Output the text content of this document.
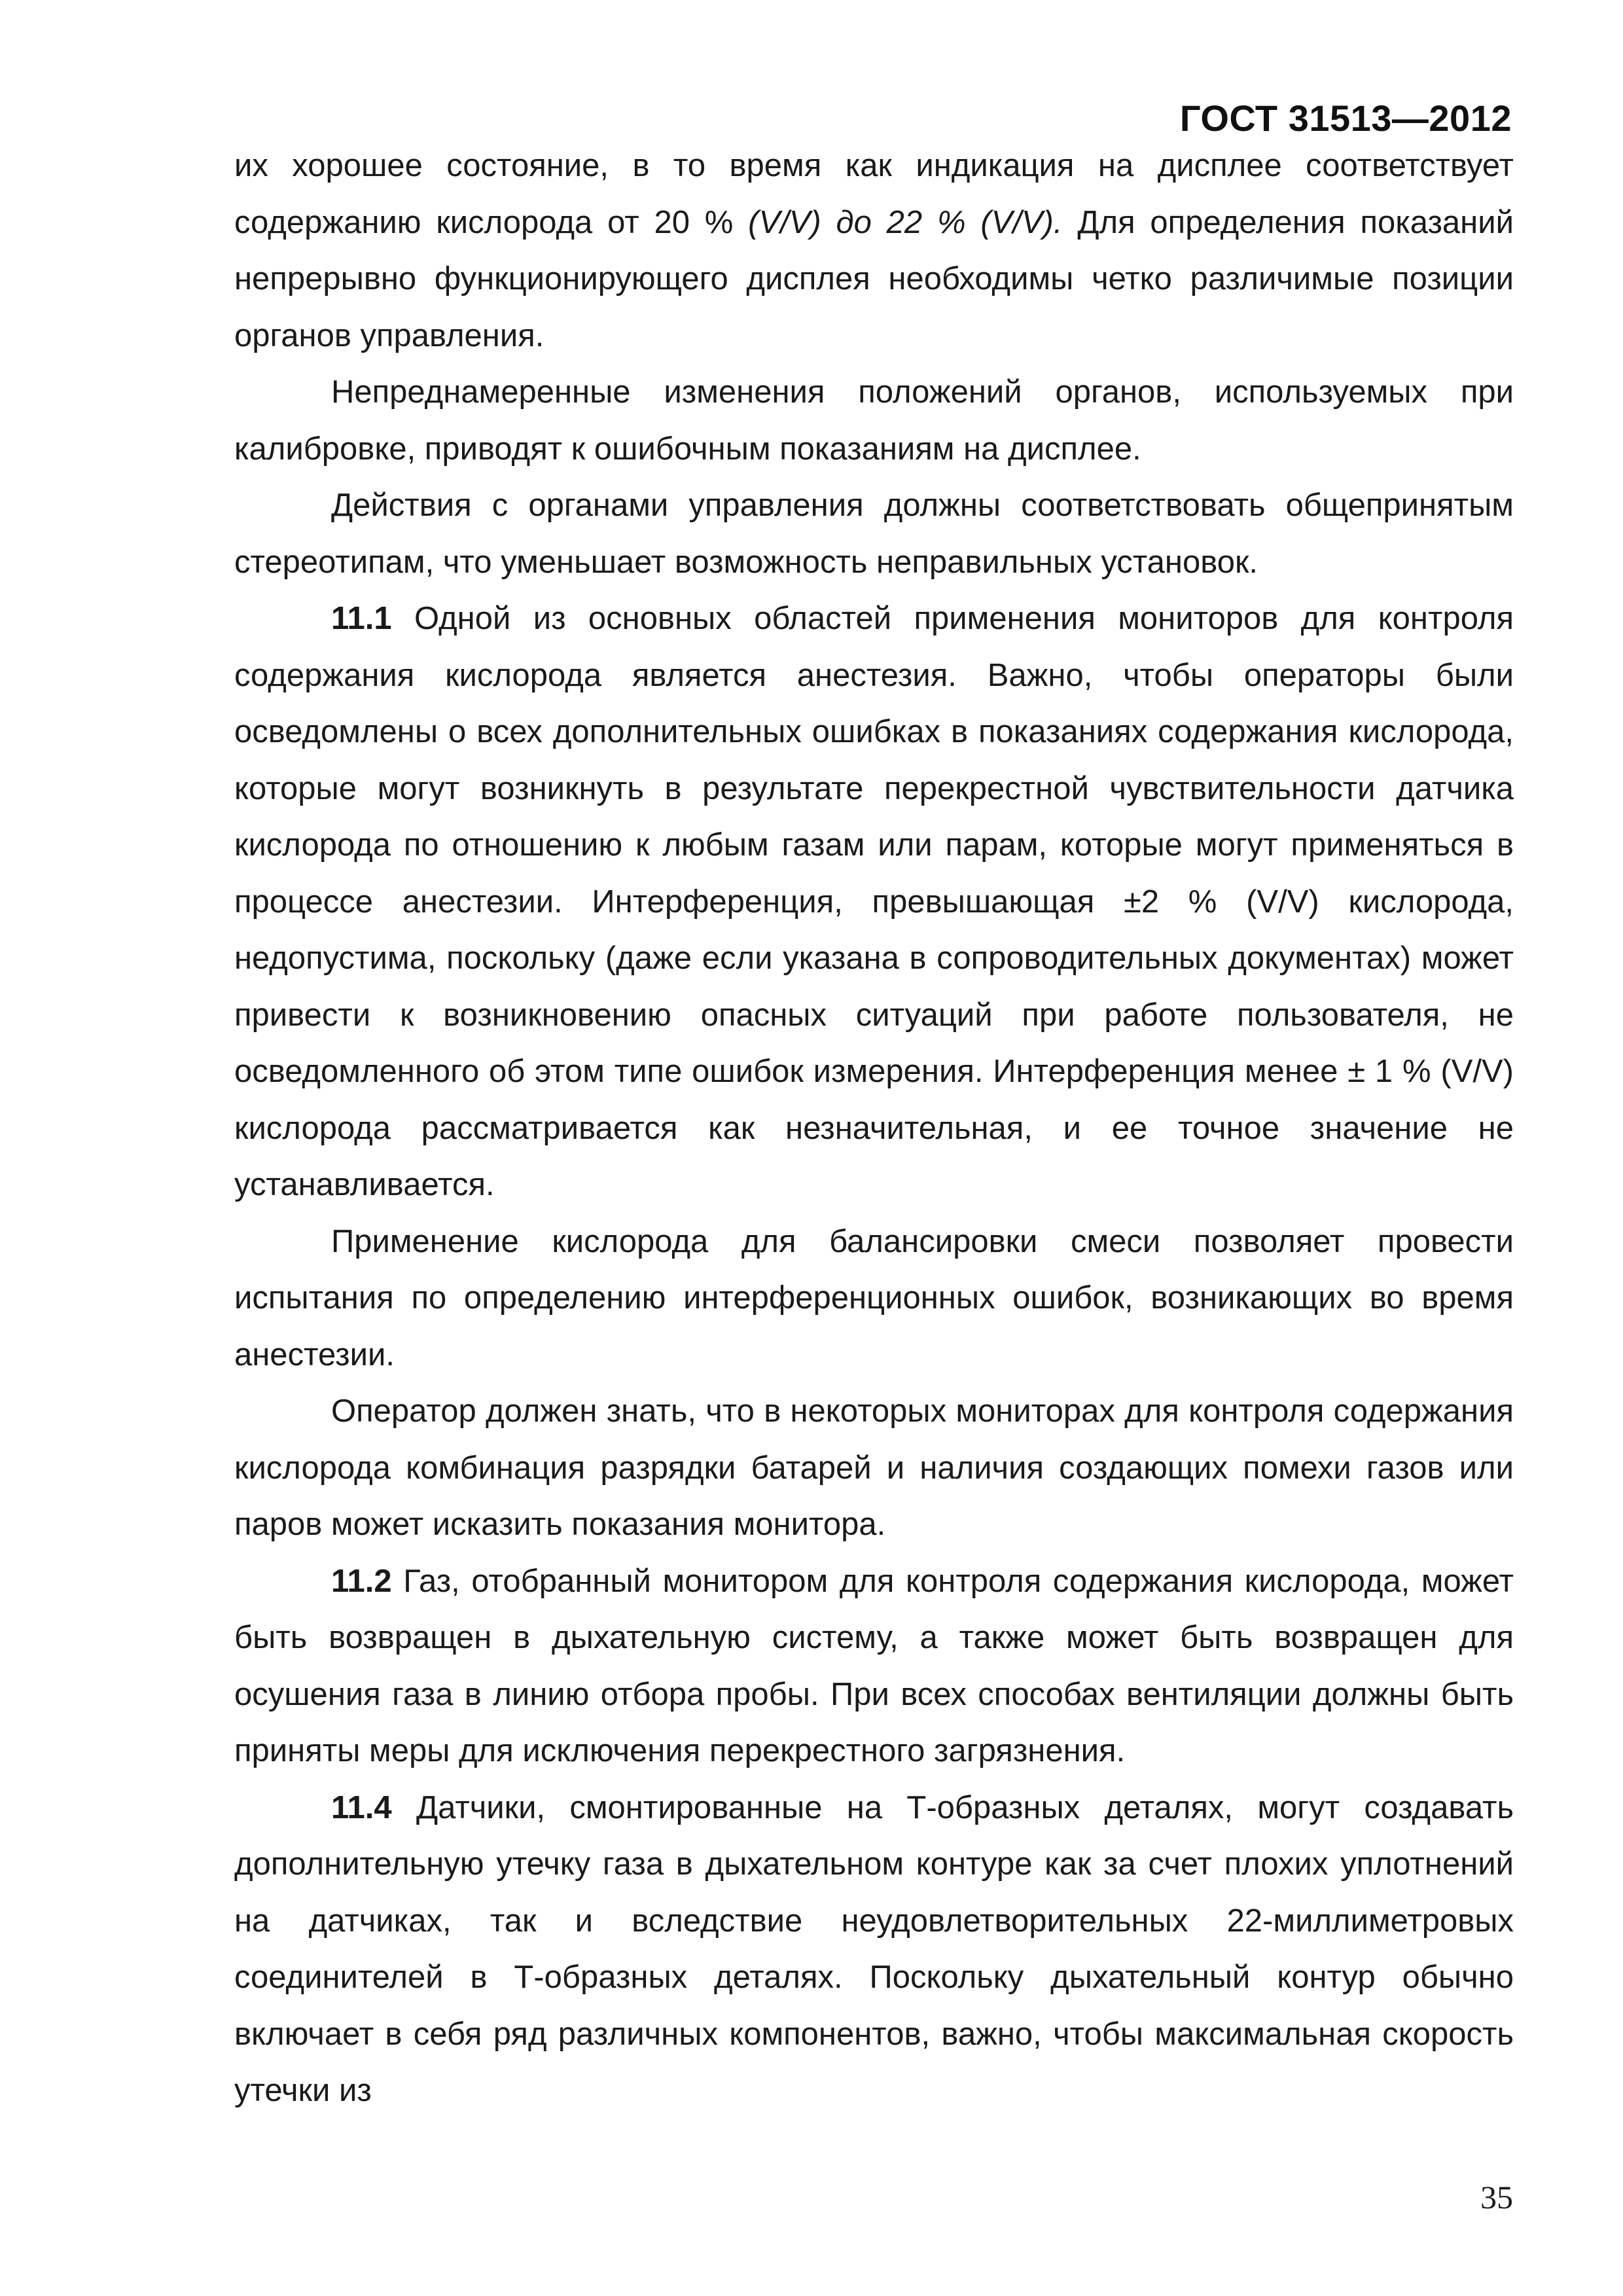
ГОСТ 31513—2012

их хорошее состояние, в то время как индикация на дисплее соответствует содержанию кислорода от 20 % (V/V) до 22 % (V/V). Для определения показаний непрерывно функционирующего дисплея необходимы четко различимые позиции органов управления.

Непреднамеренные изменения положений органов, используемых при калибровке, приводят к ошибочным показаниям на дисплее.

Действия с органами управления должны соответствовать общепринятым стереотипам, что уменьшает возможность неправильных установок.

11.1 Одной из основных областей применения мониторов для контроля содержания кислорода является анестезия. Важно, чтобы операторы были осведомлены о всех дополнительных ошибках в показаниях содержания кислорода, которые могут возникнуть в результате перекрестной чувствительности датчика кислорода по отношению к любым газам или парам, которые могут применяться в процессе анестезии. Интерференция, превышающая ±2 % (V/V) кислорода, недопустима, поскольку (даже если указана в сопроводительных документах) может привести к возникновению опасных ситуаций при работе пользователя, не осведомленного об этом типе ошибок измерения. Интерференция менее ± 1 % (V/V) кислорода рассматривается как незначительная, и ее точное значение не устанавливается.

Применение кислорода для балансировки смеси позволяет провести испытания по определению интерференционных ошибок, возникающих во время анестезии.

Оператор должен знать, что в некоторых мониторах для контроля содержания кислорода комбинация разрядки батарей и наличия создающих помехи газов или паров может исказить показания монитора.

11.2 Газ, отобранный монитором для контроля содержания кислорода, может быть возвращен в дыхательную систему, а также может быть возвращен для осушения газа в линию отбора пробы. При всех способах вентиляции должны быть приняты меры для исключения перекрестного загрязнения.

11.4 Датчики, смонтированные на Т-образных деталях, могут создавать дополнительную утечку газа в дыхательном контуре как за счет плохих уплотнений на датчиках, так и вследствие неудовлетворительных 22-миллиметровых соединителей в Т-образных деталях. Поскольку дыхательный контур обычно включает в себя ряд различных компонентов, важно, чтобы максимальная скорость утечки из

35
